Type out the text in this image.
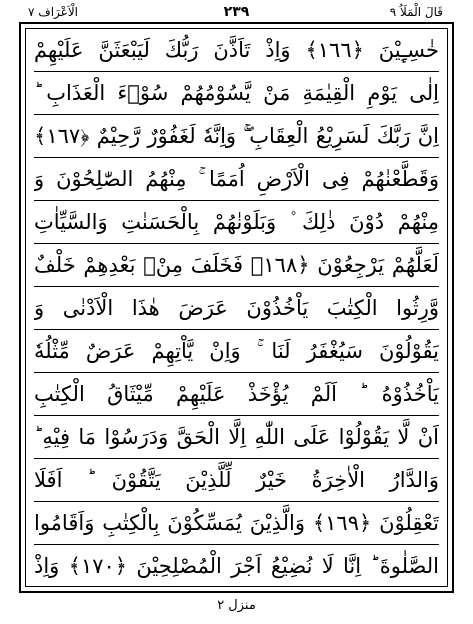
قَالَ الْمَلَاُ ٩
٢٣٩
الْاَعْرَاف ٧
خٰسِـِٕيْنَ ﴿١٦٦﴾ وَاِذْ تَاَذَّنَ رَبُّكَ لَيَبْعَثَنَّ عَلَيْهِمْ
اِلٰى يَوْمِ الْقِيٰمَةِ مَنْ يَّسُوْمُهُمْ سُوْۤءَ الْعَذَابِ ؕ
اِنَّ رَبَّكَ لَسَرِيْعُ الْعِقَابِ ۖۚ وَاِنَّهٗ لَغَفُوْرٌ رَّحِيْمٌ ﴿١٦٧﴾
وَقَطَّعْنٰهُمْ فِى الْاَرْضِ اُمَمًا ۚ مِنْهُمُ الصّٰلِحُوْنَ وَ
مِنْهُمْ دُوْنَ ذٰلِكَ ۫ وَبَلَوْنٰهُمْ بِالْحَسَنٰتِ وَالسَّيِّاٰتِ
لَعَلَّهُمْ يَرْجِعُوْنَ ﴿١٦٨﴾ فَخَلَفَ مِنْۢ بَعْدِهِمْ خَلْفٌ
وَّرِثُوا الْكِتٰبَ يَاْخُذُوْنَ عَرَضَ هٰذَا الْاَدْنٰى وَ
يَقُوْلُوْنَ سَيُغْفَرُ لَنَا ۚ وَاِنْ يَّاْتِهِمْ عَرَضٌ مِّثْلُهٗ
يَاْخُذُوْهُ ؕ اَلَمْ يُؤْخَذْ عَلَيْهِمْ مِّيْثَاقُ الْكِتٰبِ
اَنْ لَّا يَقُوْلُوْا عَلَى اللّٰهِ اِلَّا الْحَقَّ وَدَرَسُوْا مَا فِيْهِ ؕ
وَالدَّارُ الْاٰخِرَةُ خَيْرٌ لِّلَّذِيْنَ يَتَّقُوْنَ ؕ اَفَلَا
تَعْقِلُوْنَ ﴿١٦٩﴾ وَالَّذِيْنَ يُمَسِّكُوْنَ بِالْكِتٰبِ وَاَقَامُوا
الصَّلٰوةَ ؕ اِنَّا لَا نُضِيْعُ اَجْرَ الْمُصْلِحِيْنَ ﴿١٧٠﴾ وَاِذْ
منزل ٢
